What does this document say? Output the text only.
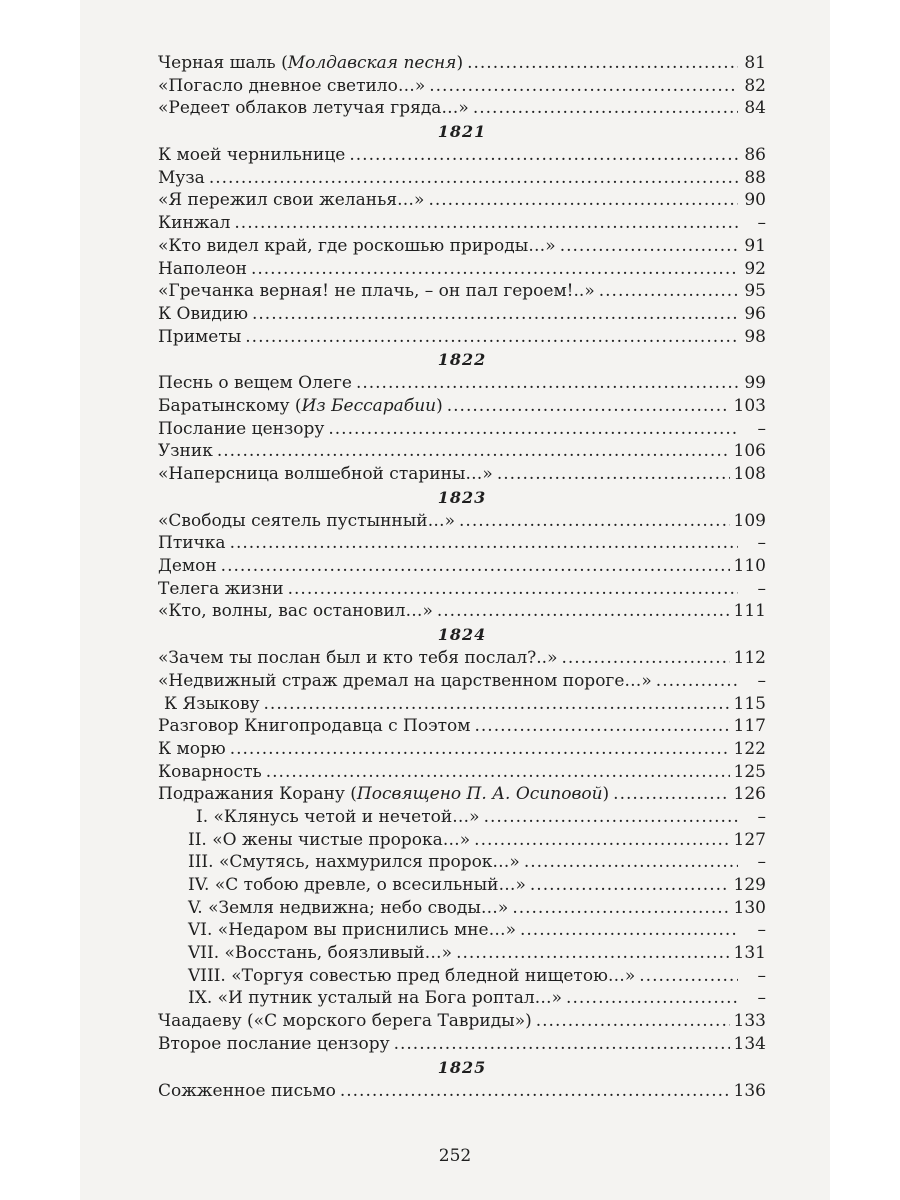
Черная шаль (Молдавская песня) .....	81
«Погасло дневное светило…» .....	82
«Редеет облаков летучая гряда…» .....	84
1821
К моей чернильнице .....	86
Муза .....	88
«Я пережил свои желанья…» .....	90
Кинжал .....	–
«Кто видел край, где роскошью природы…» .....	91
Наполеон .....	92
«Гречанка верная! не плачь, – он пал героем!..» .....	95
К Овидию .....	96
Приметы .....	98
1822
Песнь о вещем Олеге .....	99
Баратынскому (Из Бессарабии) .....	103
Послание цензору .....	–
Узник .....	106
«Наперсница волшебной старины…» .....	108
1823
«Свободы сеятель пустынный…» .....	109
Птичка .....	–
Демон .....	110
Телега жизни .....	–
«Кто, волны, вас остановил…» .....	111
1824
«Зачем ты послан был и кто тебя послал?..» .....	112
«Недвижный страж дремал на царственном пороге…» .....	–
К Языкову .....	115
Разговор Книгопродавца с Поэтом .....	117
К морю .....	122
Коварность .....	125
Подражания Корану (Посвящено П. А. Осиповой) .....	126
I. «Клянусь четой и нечетой…» .....	–
II. «О жены чистые пророка…» .....	127
III. «Смутясь, нахмурился пророк…» .....	–
IV. «С тобою древле, о всесильный…» .....	129
V. «Земля недвижна; небо своды…» .....	130
VI. «Недаром вы приснились мне…» .....	–
VII. «Восстань, боязливый…» .....	131
VIII. «Торгуя совестью пред бледной нищетою…» .....	–
IX. «И путник усталый на Бога роптал…» .....	–
Чаадаеву («С морского берега Тавриды») .....	133
Второе послание цензору .....	134
1825
Сожженное письмо .....	136
252
